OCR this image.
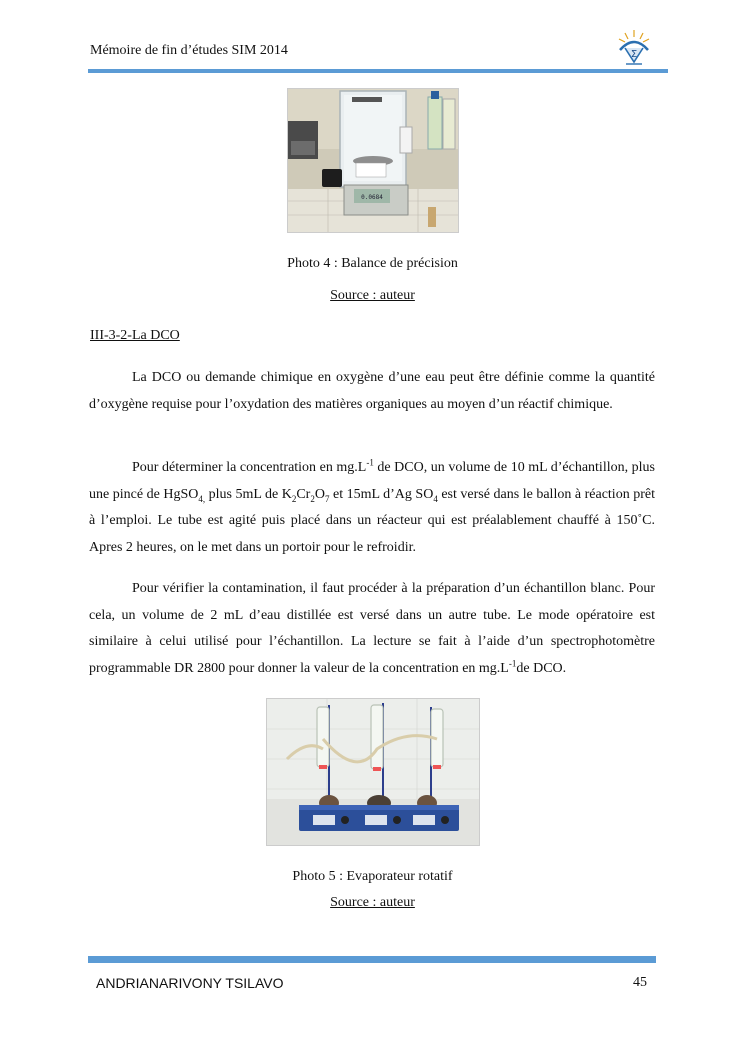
Mémoire de fin d’études SIM 2014	Σ
0.0684
Photo 4 : Balance de précision
Source : auteur
III-3-2-La DCO

La DCO ou demande chimique en oxygène d’une eau peut être définie comme la quantité d’oxygène requise pour l’oxydation des matières organiques au moyen d’un réactif chimique.

Pour déterminer la concentration en $mg.L^{-1}$ de DCO, un volume de 10 mL d’échantillon, plus une pincé de HgSO$_{4,}$ plus 5mL de $K_2Cr_2O_7$ et 15mL d’Ag $SO_4$ est versé dans le ballon à réaction prêt à l’emploi. Le tube est agité puis placé dans un réacteur qui est préalablement chauffé à 150˚C. Apres 2 heures, on le met dans un portoir pour le refroidir.

Pour vérifier la contamination, il faut procéder à la préparation d’un échantillon blanc. Pour cela, un volume de 2 mL d’eau distillée est versé dans un autre tube. Le mode opératoire est similaire à celui utilisé pour l’échantillon. La lecture se fait à l’aide d’un spectrophotomètre programmable DR 2800 pour donner la valeur de la concentration en $mg.L^{-1}de$ DCO.

Photo 5 : Evaporateur rotatif
Source : auteur
ANDRIANARIVONY TSILAVO	45
